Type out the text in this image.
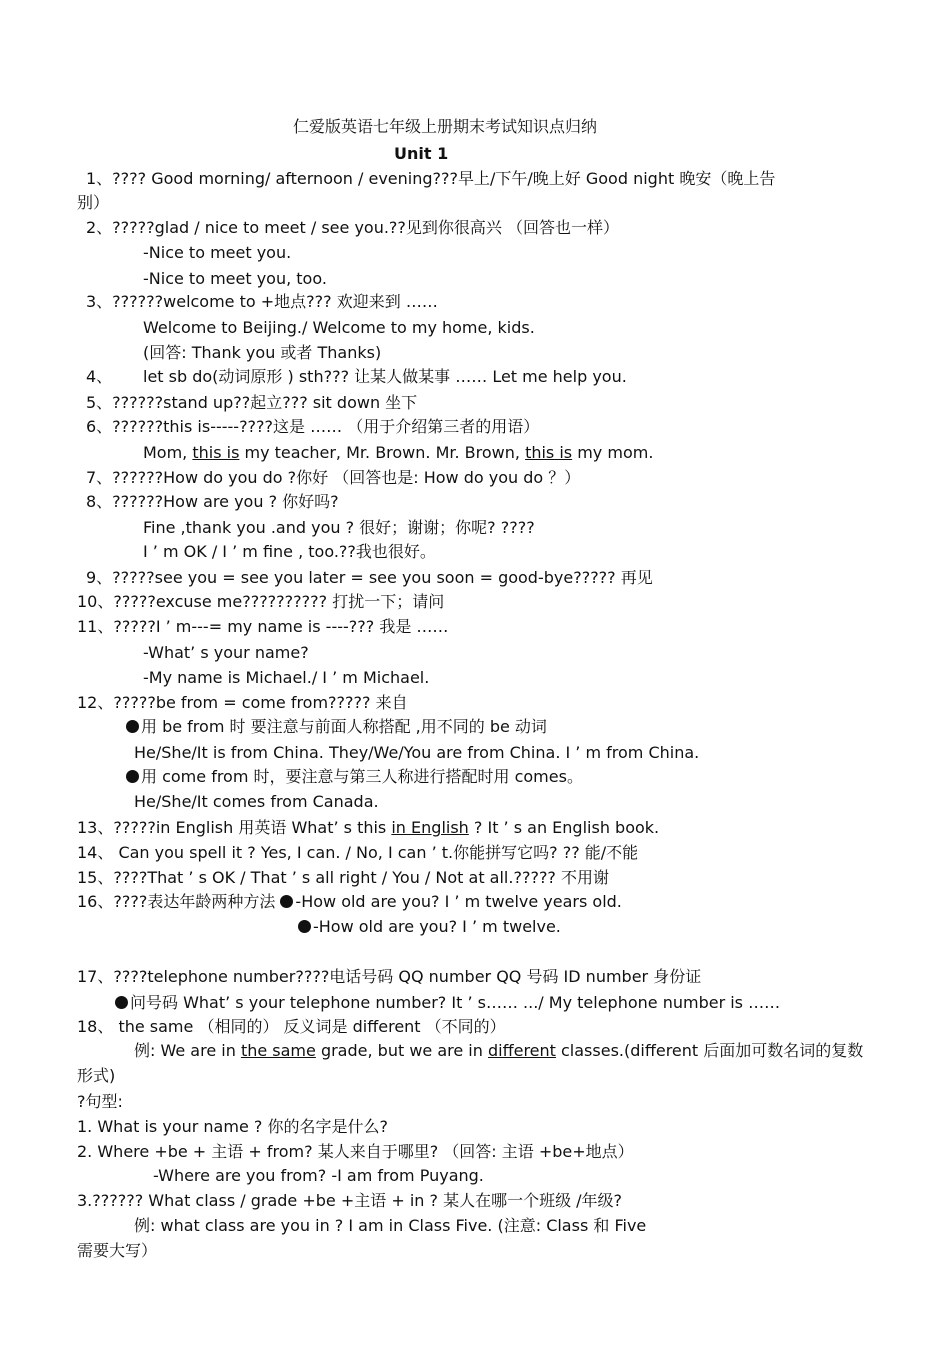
仁爱版英语七年级上册期末考试知识点归纳
Unit 1
1、???? Good morning/ afternoon / evening???早上/下午/晚上好 Good night 晚安（晚上告
别）
2、?????glad / nice to meet / see you.??见到你很高兴 （回答也一样）
-Nice to meet you.
-Nice to meet you, too.
3、??????welcome to +地点??? 欢迎来到 ……
Welcome to Beijing./ Welcome to my home, kids.
(回答: Thank you 或者 Thanks)
4、 let sb do(动词原形 ) sth??? 让某人做某事 …… Let me help you.
5、??????stand up??起立??? sit down 坐下
6、??????this is-----????这是 …… （用于介绍第三者的用语）
Mom, this is my teacher, Mr. Brown. Mr. Brown, this is my mom.
7、??????How do you do ?你好 （回答也是: How do you do ？）
8、??????How are you ? 你好吗?
Fine ,thank you .and you ? 很好；谢谢；你呢? ????
I ’ m OK / I ’ m fine , too.??我也很好。
9、?????see you = see you later = see you soon = good-bye????? 再见
10、?????excuse me?????????? 打扰一下；请问
11、?????I ’ m---= my name is ----??? 我是 ……
-What’ s your name?
-My name is Michael./ I ’ m Michael.
12、?????be from = come from????? 来自
用 be from 时 要注意与前面人称搭配 ,用不同的 be 动词
He/She/It is from China. They/We/You are from China. I ’ m from China.
用 come from 时，要注意与第三人称进行搭配时用 comes。
He/She/It comes from Canada.
13、?????in English 用英语 What’ s this in English ? It ’ s an English book.
14、 Can you spell it ? Yes, I can. / No, I can ’ t.你能拼写它吗? ?? 能/不能
15、????That ’ s OK / That ’ s all right / You / Not at all.????? 不用谢
16、????表达年龄两种方法 -How old are you? I ’ m twelve years old.
-How old are you? I ’ m twelve.
17、????telephone number????电话号码 QQ number QQ 号码 ID number 身份证
问号码 What’ s your telephone number? It ’ s…… .../ My telephone number is ……
18、 the same （相同的） 反义词是 different （不同的）
例: We are in the same grade, but we are in different classes.(different 后面加可数名词的复数
形式)
?句型:
1. What is your name ? 你的名字是什么?
2. Where +be + 主语 + from? 某人来自于哪里? （回答: 主语 +be+地点）
-Where are you from? -I am from Puyang.
3.?????? What class / grade +be +主语 + in ? 某人在哪一个班级 /年级?
例: what class are you in ? I am in Class Five. (注意: Class 和 Five
需要大写）
